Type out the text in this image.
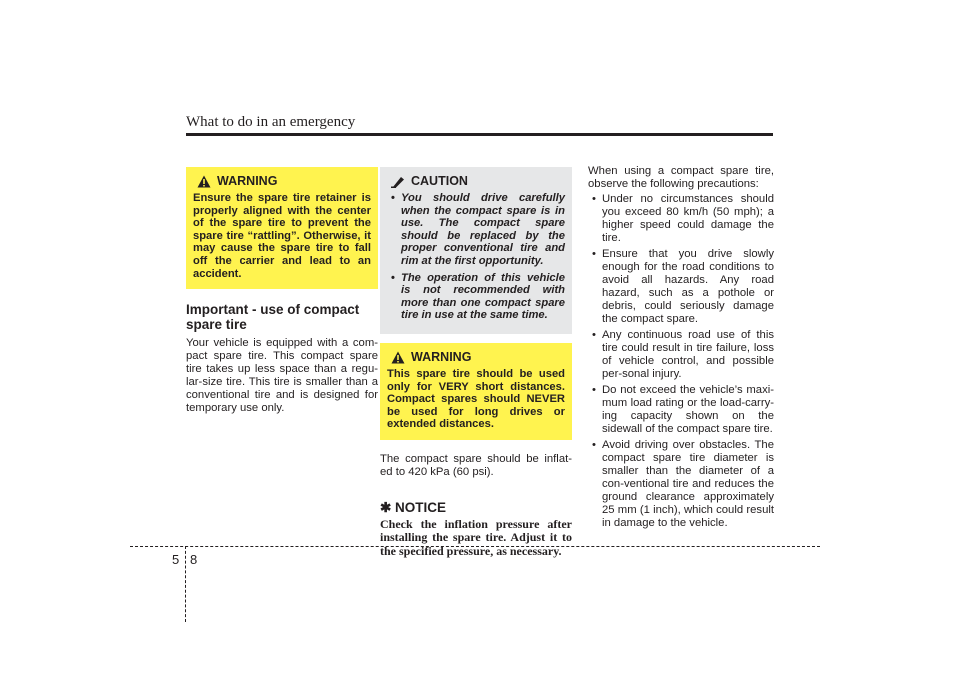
What to do in an emergency
WARNING
Ensure the spare tire retainer is properly aligned with the center of the spare tire to prevent the spare tire “rattling”. Otherwise, it may cause the spare tire to fall off the carrier and lead to an accident.
Important - use of compact spare tire

Your vehicle is equipped with a com-pact spare tire. This compact spare tire takes up less space than a regu-lar-size tire. This tire is smaller than a conventional tire and is designed for temporary use only.

CAUTION
• You should drive carefully when the compact spare is in use. The compact spare should be replaced by the proper conventional tire and rim at the first opportunity.
• The operation of this vehicle is not recommended with more than one compact spare tire in use at the same time.
WARNING
This spare tire should be used only for VERY short distances. Compact spares should NEVER be used for long drives or extended distances.

The compact spare should be inflat-ed to 420 kPa (60 psi).

✱ NOTICE
Check the inflation pressure after installing the spare tire. Adjust it to the specified pressure, as necessary.

When using a compact spare tire, observe the following precautions:

• Under no circumstances should you exceed 80 km/h (50 mph); a higher speed could damage the tire.
• Ensure that you drive slowly enough for the road conditions to avoid all hazards. Any road hazard, such as a pothole or debris, could seriously damage the compact spare.
• Any continuous road use of this tire could result in tire failure, loss of vehicle control, and possible per-sonal injury.
• Do not exceed the vehicle’s maxi-mum load rating or the load-carry-ing capacity shown on the sidewall of the compact spare tire.
• Avoid driving over obstacles. The compact spare tire diameter is smaller than the diameter of a con-ventional tire and reduces the ground clearance approximately 25 mm (1 inch), which could result in damage to the vehicle.
5 8
